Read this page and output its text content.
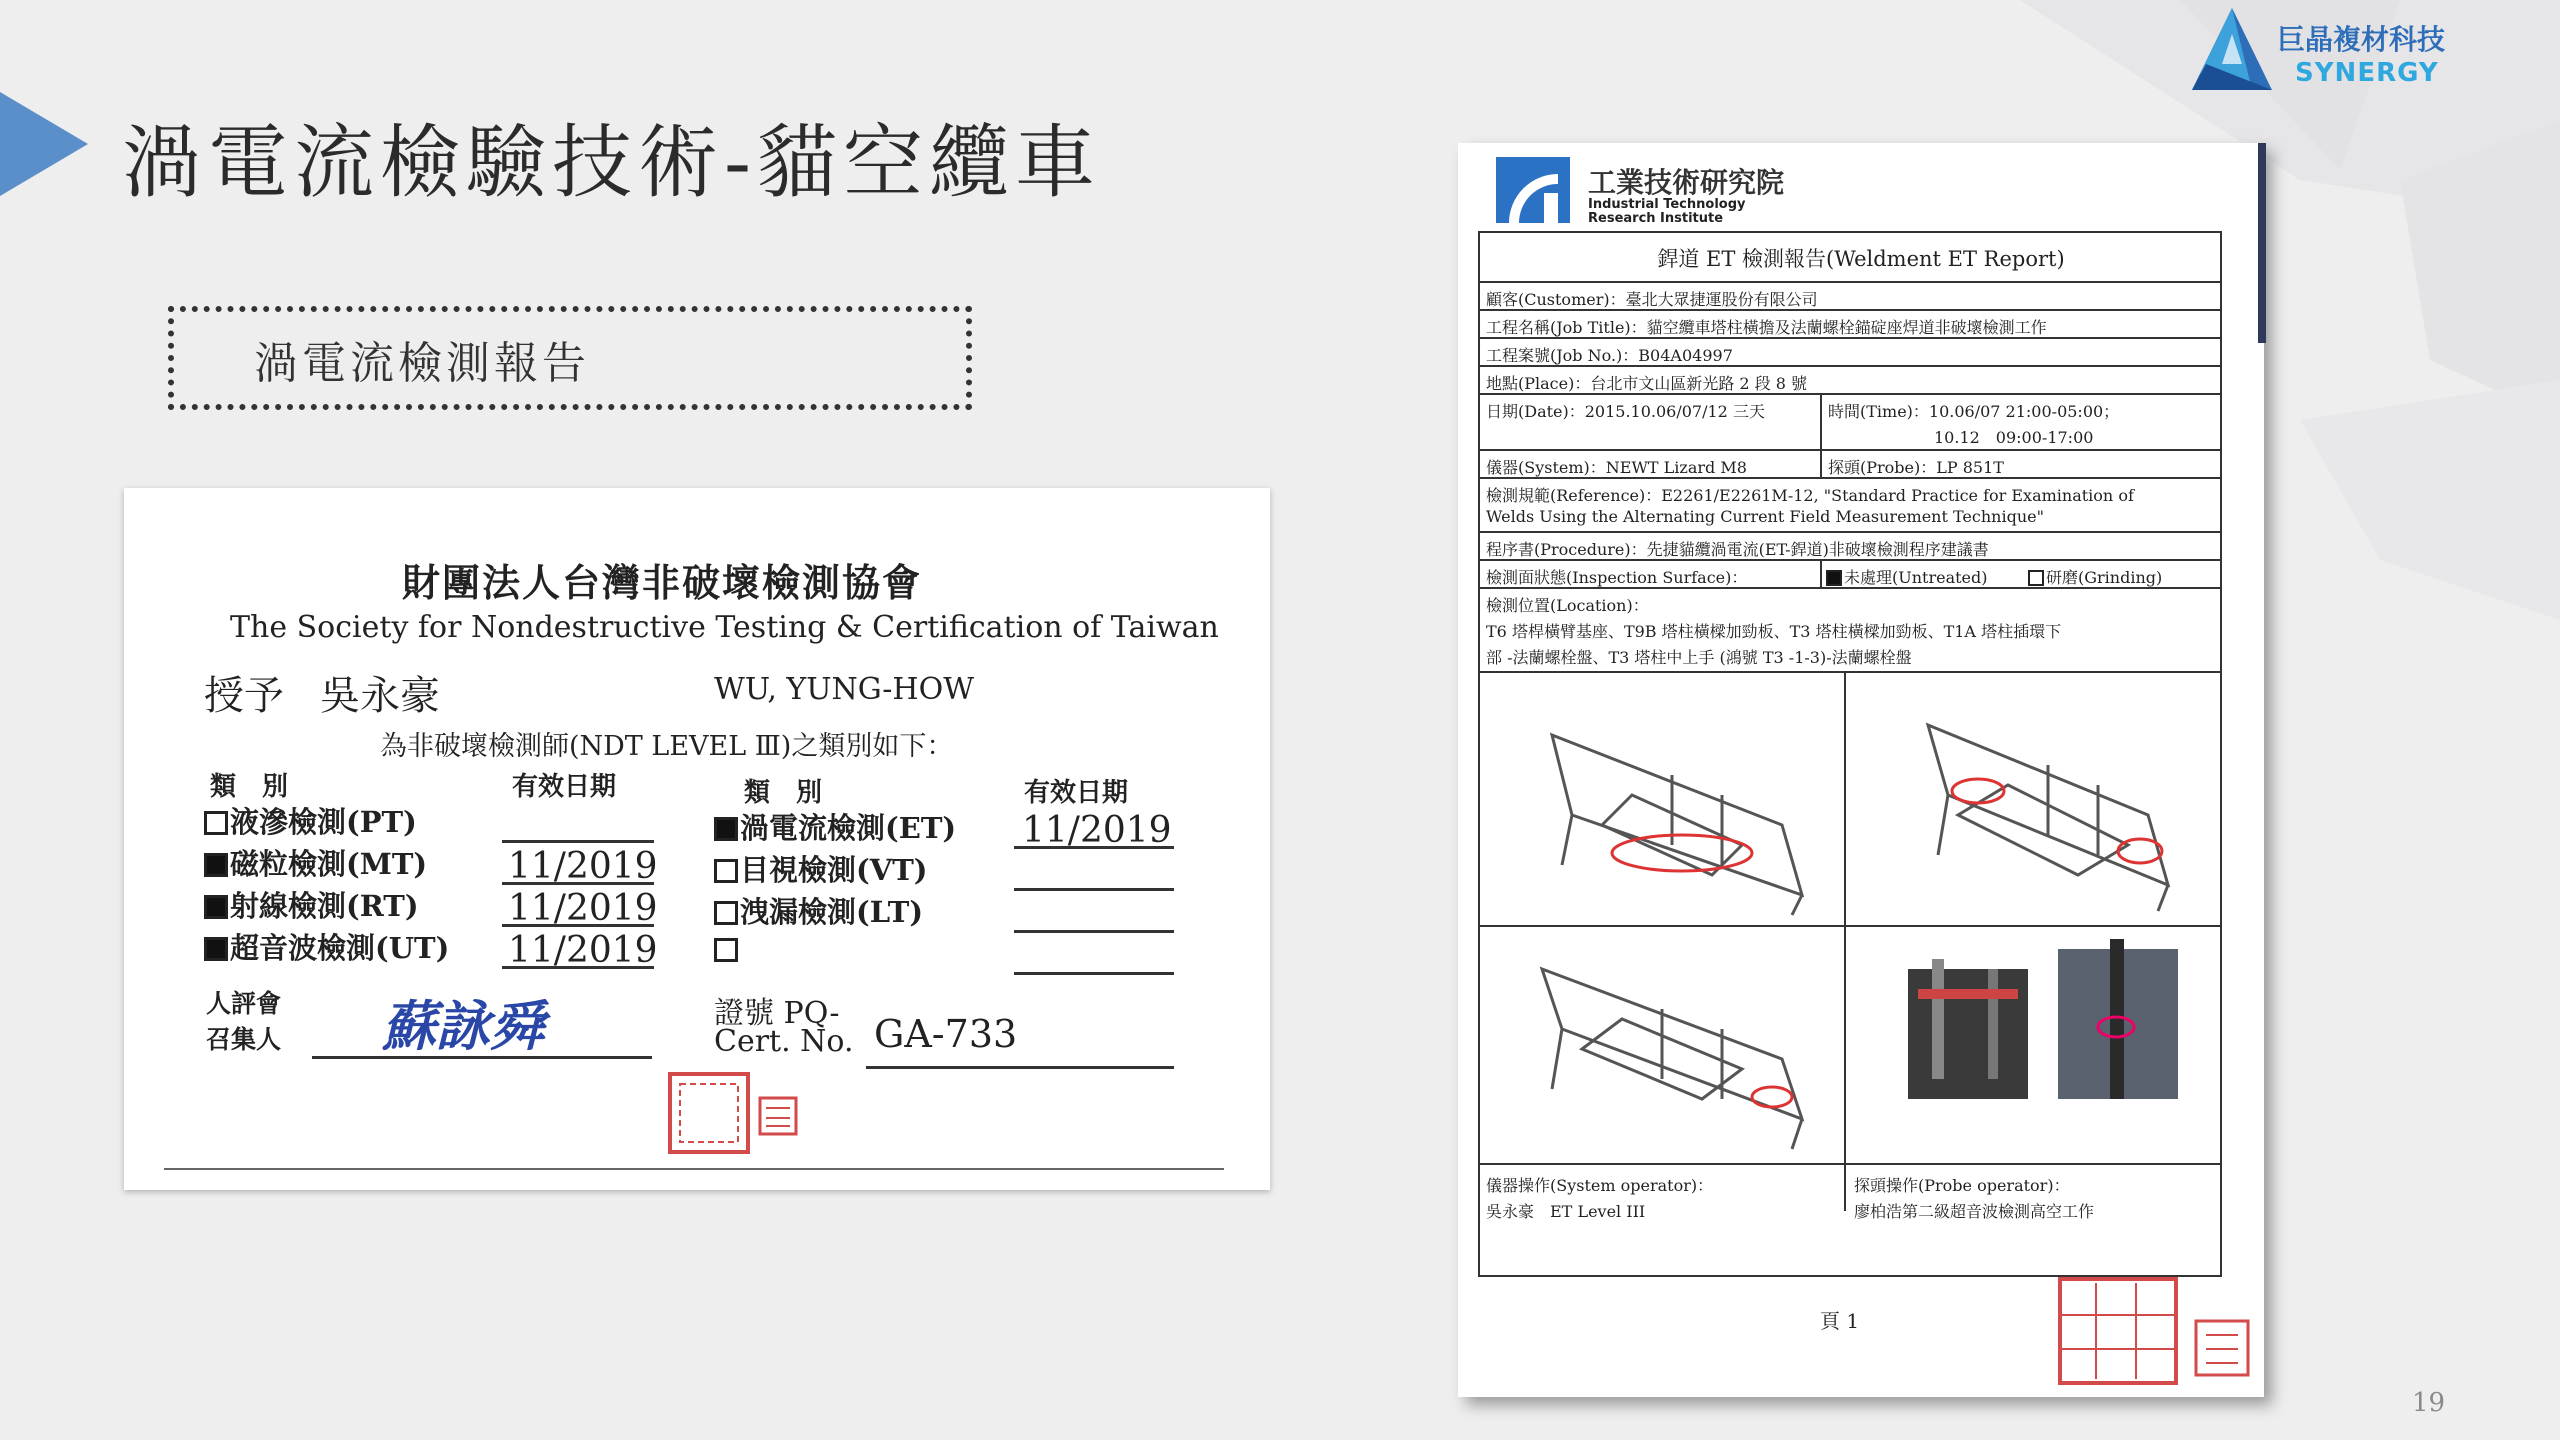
渦電流檢驗技術-貓空纜車
巨晶複材科技
SYNERGY
渦電流檢測報告
財團法人台灣非破壞檢測協會
The Society for Nondestructive Testing & Certification of Taiwan
授予 吳永豪	WU, YUNG-HOW
為非破壞檢測師(NDT LEVEL Ⅲ)之類別如下：
類　別	有效日期	類　別	有效日期
液滲檢測(PT)
磁粒檢測(MT) 11/2019
射線檢測(RT) 11/2019
超音波檢測(UT) 11/2019
渦電流檢測(ET) 11/2019
目視檢測(VT)
洩漏檢測(LT)
人評會
召集人 蘇詠舜	證號 PQ-
Cert. No. GA-733
工業技術研究院
Industrial Technology
Research Institute
銲道 ET 檢測報告(Weldment ET Report)
顧客(Customer)：臺北大眾捷運股份有限公司
工程名稱(Job Title)：貓空纜車塔柱橫擔及法蘭螺栓錨碇座焊道非破壞檢測工作
工程案號(Job No.)：B04A04997
地點(Place)：台北市文山區新光路 2 段 8 號
日期(Date)：2015.10.06/07/12 三天	時間(Time)：10.06/07 21:00-05:00；
10.12　09:00-17:00
儀器(System)：NEWT Lizard M8	探頭(Probe)：LP 851T
檢測規範(Reference)：E2261/E2261M-12, "Standard Practice for Examination of
Welds Using the Alternating Current Field Measurement Technique"
程序書(Procedure)：先捷貓纜渦電流(ET-銲道)非破壞檢測程序建議書
檢測面狀態(Inspection Surface)：	未處理(Untreated)	研磨(Grinding)
檢測位置(Location)：
T6 塔桿橫臂基座、T9B 塔柱橫樑加勁板、T3 塔柱橫樑加勁板、T1A 塔柱插環下
部 -法蘭螺栓盤、T3 塔柱中上手 (鴻號 T3 -1-3)-法蘭螺栓盤
儀器操作(System operator)：
吳永豪　ET Level III
探頭操作(Probe operator)：
廖柏浩第二級超音波檢測高空工作
頁 1
19
